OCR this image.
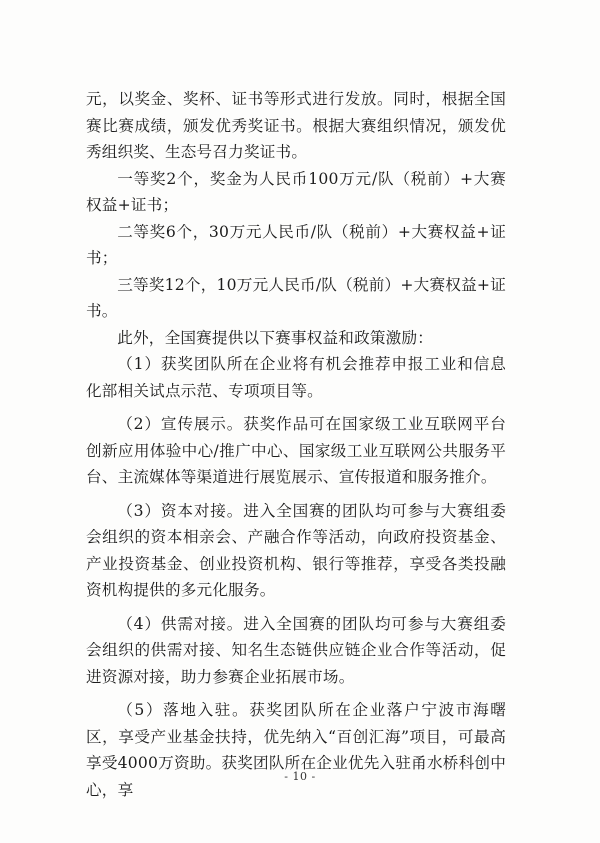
元，以奖金、奖杯、证书等形式进行发放。同时，根据全国赛比赛成绩，颁发优秀奖证书。根据大赛组织情况，颁发优秀组织奖、生态号召力奖证书。

一等奖2个，奖金为人民币100万元/队（税前）+大赛权益+证书；

二等奖6个，30万元人民币/队（税前）+大赛权益+证书；

三等奖12个，10万元人民币/队（税前）+大赛权益+证书。

此外，全国赛提供以下赛事权益和政策激励：

（1）获奖团队所在企业将有机会推荐申报工业和信息化部相关试点示范、专项项目等。

（2）宣传展示。获奖作品可在国家级工业互联网平台创新应用体验中心/推广中心、国家级工业互联网公共服务平台、主流媒体等渠道进行展览展示、宣传报道和服务推介。

（3）资本对接。进入全国赛的团队均可参与大赛组委会组织的资本相亲会、产融合作等活动，向政府投资基金、产业投资基金、创业投资机构、银行等推荐，享受各类投融资机构提供的多元化服务。

（4）供需对接。进入全国赛的团队均可参与大赛组委会组织的供需对接、知名生态链供应链企业合作等活动，促进资源对接，助力参赛企业拓展市场。

（5）落地入驻。获奖团队所在企业落户宁波市海曙区，享受产业基金扶持，优先纳入“百创汇海”项目，可最高享受4000万资助。获奖团队所在企业优先入驻甬水桥科创中心，享

- 10 -
